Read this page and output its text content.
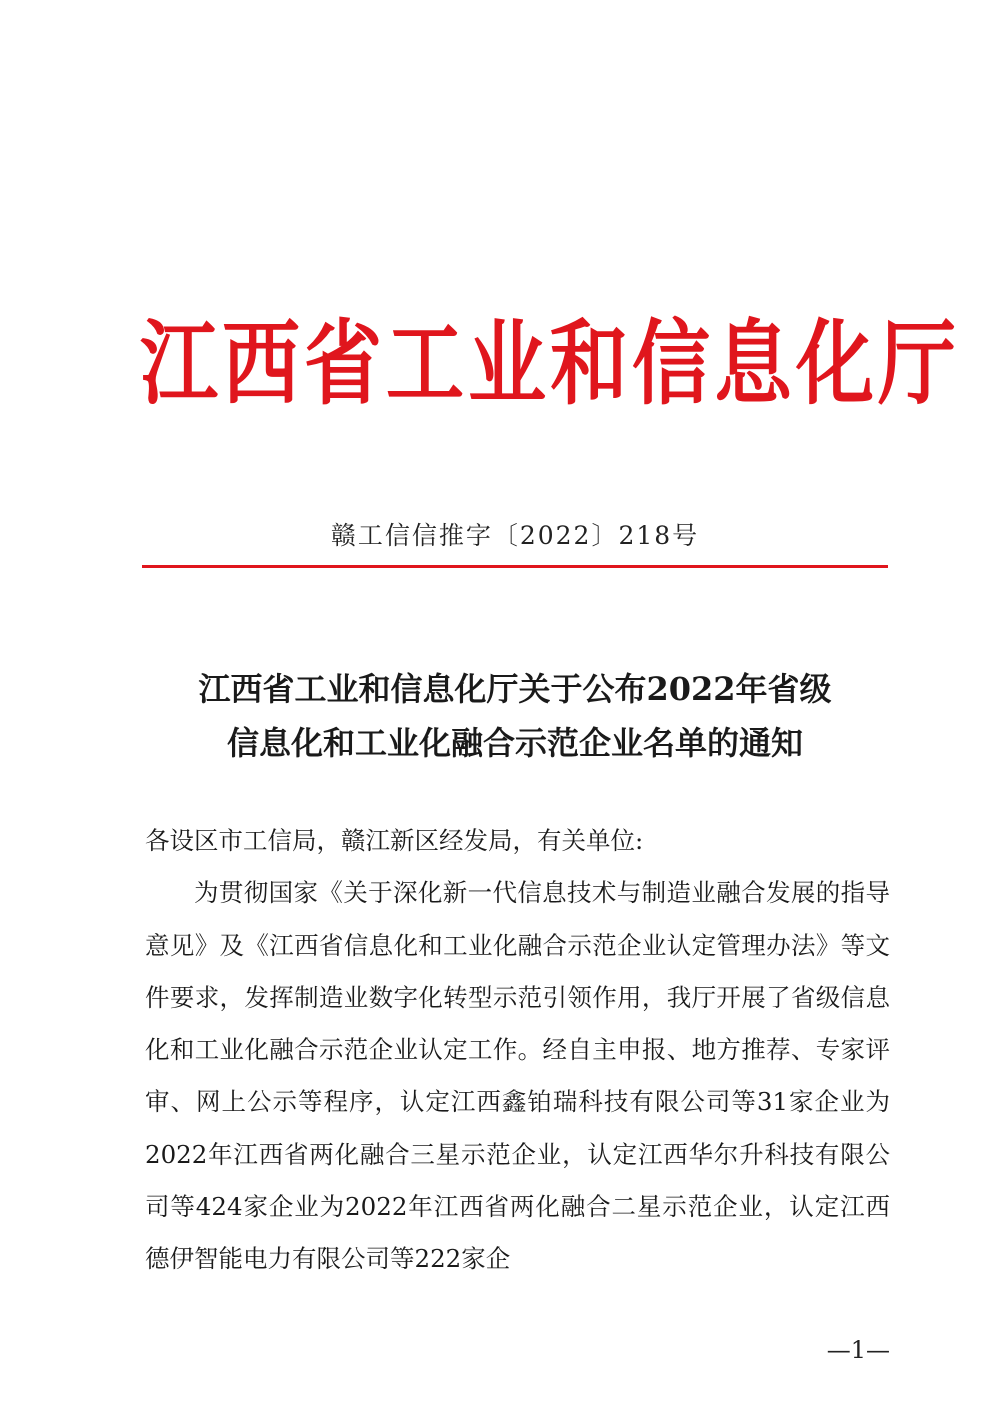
江西省工业和信息化厅
赣工信信推字〔2022〕218号
江西省工业和信息化厅关于公布2022年省级
信息化和工业化融合示范企业名单的通知

各设区市工信局，赣江新区经发局，有关单位:

为贯彻国家《关于深化新一代信息技术与制造业融合发展的指导意见》及《江西省信息化和工业化融合示范企业认定管理办法》等文件要求，发挥制造业数字化转型示范引领作用，我厅开展了省级信息化和工业化融合示范企业认定工作。经自主申报、地方推荐、专家评审、网上公示等程序，认定江西鑫铂瑞科技有限公司等31家企业为2022年江西省两化融合三星示范企业，认定江西华尔升科技有限公司等424家企业为2022年江西省两化融合二星示范企业，认定江西德伊智能电力有限公司等222家企

—1—
